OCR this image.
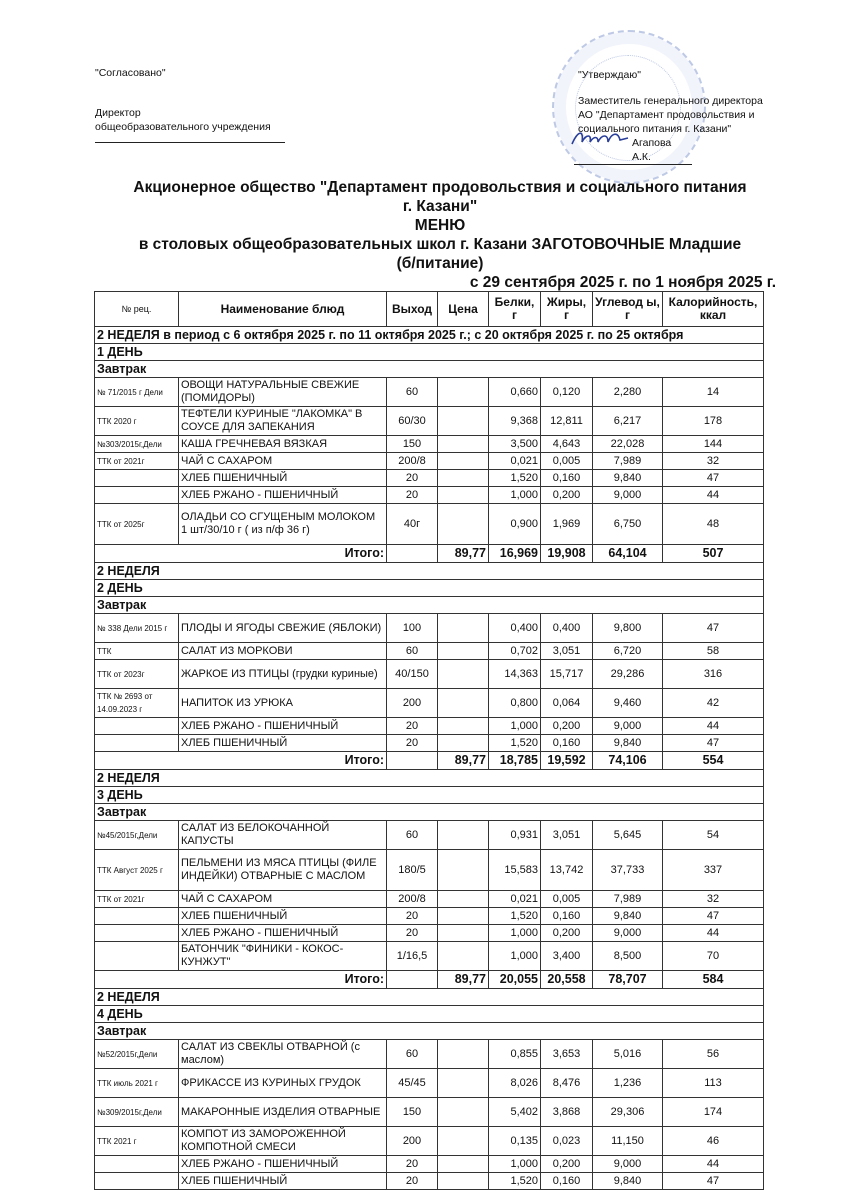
"Согласовано"
Директор
общеобразовательного учреждения
"Утверждаю"
Заместитель генерального директора
АО "Департамент продовольствия и
социального питания г. Казани"
Агапова А.К.
Акционерное общество "Департамент продовольствия и социального питания г. Казани"
МЕНЮ
в столовых общеобразовательных школ г. Казани ЗАГОТОВОЧНЫЕ Младшие (б/питание)
с 29 сентября 2025 г. по 1 ноября 2025 г.
№ рец.	Наименование блюд	Выход	Цена	Белки, г	Жиры, г	Углевод ы, г	Калорийность, ккал
2 НЕДЕЛЯ в период с 6 октября 2025 г. по 11 октября 2025 г.; с 20 октября 2025 г. по 25 октября							
1 ДЕНЬ							
Завтрак							
№ 71/2015 г Дели	ОВОЩИ НАТУРАЛЬНЫЕ СВЕЖИЕ (ПОМИДОРЫ)	60		0,660	0,120	2,280	14
ТТК 2020 г	ТЕФТЕЛИ КУРИНЫЕ "ЛАКОМКА" В СОУСЕ ДЛЯ ЗАПЕКАНИЯ	60/30		9,368	12,811	6,217	178
№303/2015г,Дели	КАША ГРЕЧНЕВАЯ ВЯЗКАЯ	150		3,500	4,643	22,028	144
ТТК от 2021г	ЧАЙ С САХАРОМ	200/8		0,021	0,005	7,989	32
	ХЛЕБ ПШЕНИЧНЫЙ	20		1,520	0,160	9,840	47
	ХЛЕБ РЖАНО - ПШЕНИЧНЫЙ	20		1,000	0,200	9,000	44
ТТК от 2025г	ОЛАДЬИ СО СГУЩЕНЫМ МОЛОКОМ 1 шт/30/10 г ( из п/ф 36 г)	40г		0,900	1,969	6,750	48
Итого:			89,77	16,969	19,908	64,104	507
2 НЕДЕЛЯ							
2 ДЕНЬ							
Завтрак							
№ 338 Дели 2015 г	ПЛОДЫ И ЯГОДЫ СВЕЖИЕ (ЯБЛОКИ)	100		0,400	0,400	9,800	47
ТТК	САЛАТ ИЗ МОРКОВИ	60		0,702	3,051	6,720	58
ТТК от 2023г	ЖАРКОЕ ИЗ ПТИЦЫ (грудки куриные)	40/150		14,363	15,717	29,286	316
ТТК № 2693 от 14.09.2023 г	НАПИТОК ИЗ УРЮКА	200		0,800	0,064	9,460	42
	ХЛЕБ РЖАНО - ПШЕНИЧНЫЙ	20		1,000	0,200	9,000	44
	ХЛЕБ ПШЕНИЧНЫЙ	20		1,520	0,160	9,840	47
Итого:			89,77	18,785	19,592	74,106	554
2 НЕДЕЛЯ							
3 ДЕНЬ							
Завтрак							
№45/2015г,Дели	САЛАТ ИЗ БЕЛОКОЧАННОЙ КАПУСТЫ	60		0,931	3,051	5,645	54
ТТК Август 2025 г	ПЕЛЬМЕНИ ИЗ МЯСА ПТИЦЫ (ФИЛЕ ИНДЕЙКИ) ОТВАРНЫЕ С МАСЛОМ	180/5		15,583	13,742	37,733	337
ТТК от 2021г	ЧАЙ С САХАРОМ	200/8		0,021	0,005	7,989	32
	ХЛЕБ ПШЕНИЧНЫЙ	20		1,520	0,160	9,840	47
	ХЛЕБ РЖАНО - ПШЕНИЧНЫЙ	20		1,000	0,200	9,000	44
	БАТОНЧИК "ФИНИКИ - КОКОС-КУНЖУТ"	1/16,5		1,000	3,400	8,500	70
Итого:			89,77	20,055	20,558	78,707	584
2 НЕДЕЛЯ							
4 ДЕНЬ							
Завтрак							
№52/2015г,Дели	САЛАТ ИЗ СВЕКЛЫ ОТВАРНОЙ (с маслом)	60		0,855	3,653	5,016	56
ТТК июль 2021 г	ФРИКАССЕ ИЗ КУРИНЫХ ГРУДОК	45/45		8,026	8,476	1,236	113
№309/2015г,Дели	МАКАРОННЫЕ ИЗДЕЛИЯ ОТВАРНЫЕ	150		5,402	3,868	29,306	174
ТТК 2021 г	КОМПОТ ИЗ ЗАМОРОЖЕННОЙ КОМПОТНОЙ СМЕСИ	200		0,135	0,023	11,150	46
	ХЛЕБ РЖАНО - ПШЕНИЧНЫЙ	20		1,000	0,200	9,000	44
	ХЛЕБ ПШЕНИЧНЫЙ	20		1,520	0,160	9,840	47
